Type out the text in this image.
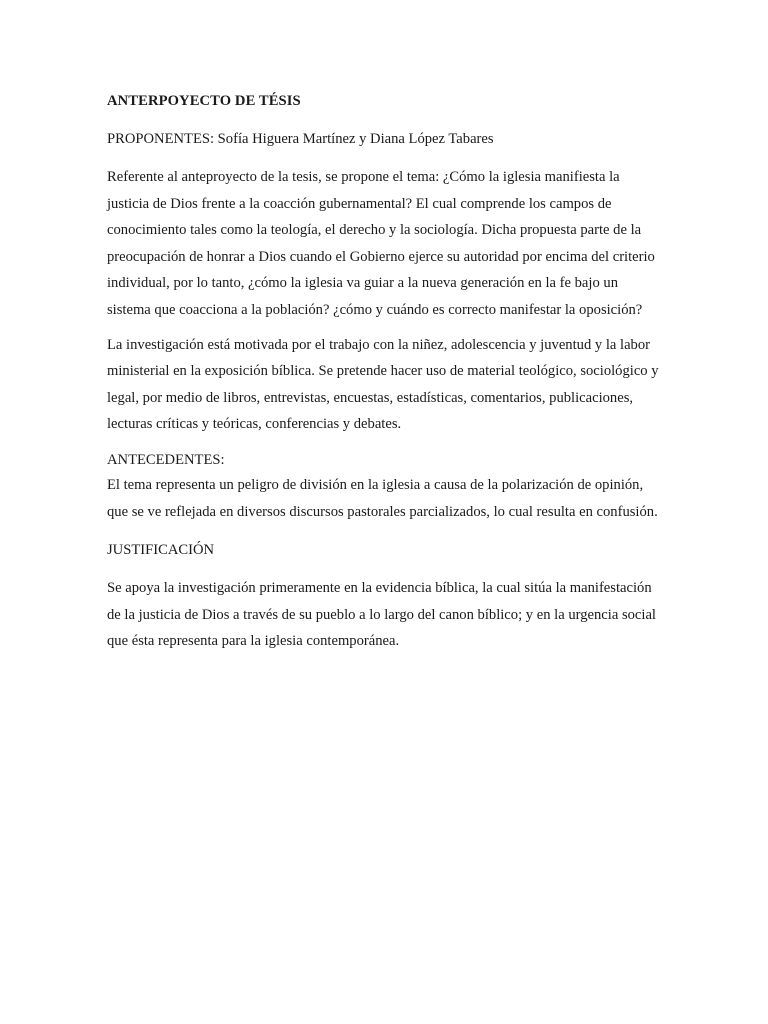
ANTERPOYECTO DE TÉSIS

PROPONENTES: Sofía Higuera Martínez y Diana López Tabares

Referente al anteproyecto de la tesis, se propone el tema: ¿Cómo la iglesia manifiesta la justicia de Dios frente a la coacción gubernamental? El cual comprende los campos de conocimiento tales como la teología, el derecho y la sociología. Dicha propuesta parte de la preocupación de honrar a Dios cuando el Gobierno ejerce su autoridad por encima del criterio individual, por lo tanto, ¿cómo la iglesia va guiar a la nueva generación en la fe bajo un sistema que coacciona a la población? ¿cómo y cuándo es correcto manifestar la oposición?

La investigación está motivada por el trabajo con la niñez, adolescencia y juventud y la labor ministerial en la exposición bíblica. Se pretende hacer uso de material teológico, sociológico y legal, por medio de libros, entrevistas, encuestas, estadísticas, comentarios, publicaciones, lecturas críticas y teóricas, conferencias y debates.

ANTECEDENTES:

El tema representa un peligro de división en la iglesia a causa de la polarización de opinión, que se ve reflejada en diversos discursos pastorales parcializados, lo cual resulta en confusión.

JUSTIFICACIÓN

Se apoya la investigación primeramente en la evidencia bíblica, la cual sitúa la manifestación de la justicia de Dios a través de su pueblo a lo largo del canon bíblico; y en la urgencia social que ésta representa para la iglesia contemporánea.
